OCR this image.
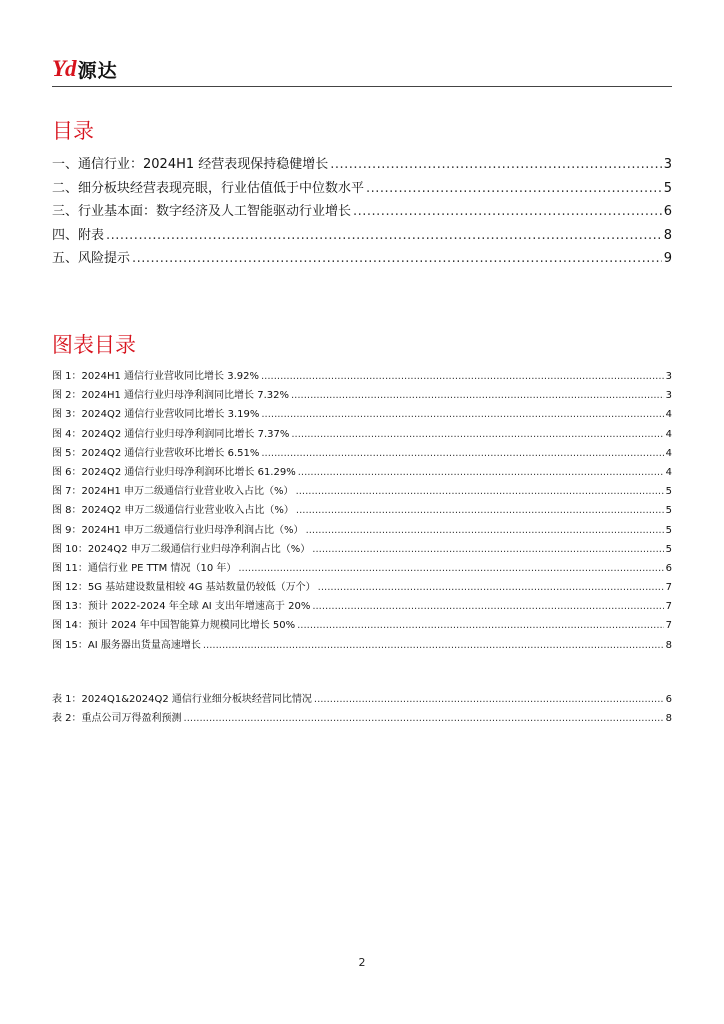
Yd 源达
目录
一、通信行业：2024H1 经营表现保持稳健增长 .....	3
二、细分板块经营表现亮眼，行业估值低于中位数水平 .....	5
三、行业基本面：数字经济及人工智能驱动行业增长 .....	6
四、附表 .....	8
五、风险提示 .....	9
图表目录
图 1：2024H1 通信行业营收同比增长 3.92% .....	3
图 2：2024H1 通信行业归母净利润同比增长 7.32% .....	3
图 3：2024Q2 通信行业营收同比增长 3.19% .....	4
图 4：2024Q2 通信行业归母净利润同比增长 7.37% .....	4
图 5：2024Q2 通信行业营收环比增长 6.51% .....	4
图 6：2024Q2 通信行业归母净利润环比增长 61.29% .....	4
图 7：2024H1 申万二级通信行业营业收入占比（%） .....	5
图 8：2024Q2 申万二级通信行业营业收入占比（%） .....	5
图 9：2024H1 申万二级通信行业归母净利润占比（%） .....	5
图 10：2024Q2 申万二级通信行业归母净利润占比（%） .....	5
图 11：通信行业 PE TTM 情况（10 年） .....	6
图 12：5G 基站建设数量相较 4G 基站数量仍较低（万个） .....	7
图 13：预计 2022-2024 年全球 AI 支出年增速高于 20% .....	7
图 14：预计 2024 年中国智能算力规模同比增长 50% .....	7
图 15：AI 服务器出货量高速增长 .....	8
表 1：2024Q1&2024Q2 通信行业细分板块经营同比情况 .....	6
表 2：重点公司万得盈利预测 .....	8
2
